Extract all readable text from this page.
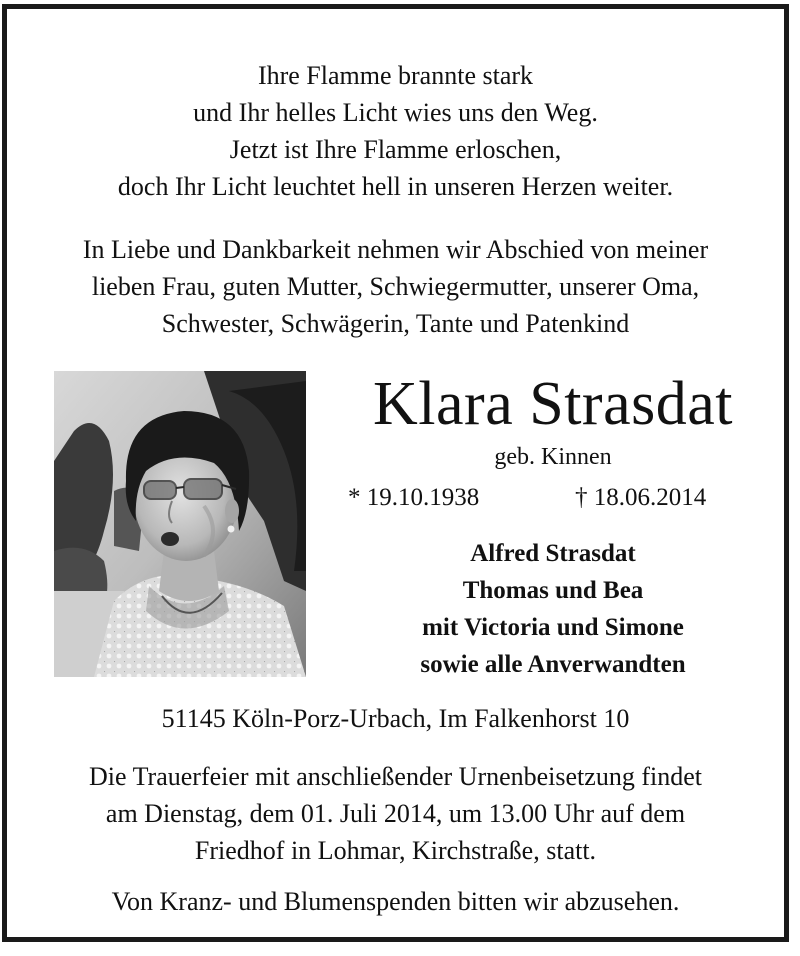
Ihre Flamme brannte stark
und Ihr helles Licht wies uns den Weg.
Jetzt ist Ihre Flamme erloschen,
doch Ihr Licht leuchtet hell in unseren Herzen weiter.
In Liebe und Dankbarkeit nehmen wir Abschied von meiner
lieben Frau, guten Mutter, Schwiegermutter, unserer Oma,
Schwester, Schwägerin, Tante und Patenkind
Klara Strasdat
geb. Kinnen
* 19.10.1938	† 18.06.2014
Alfred Strasdat
Thomas und Bea
mit Victoria und Simone
sowie alle Anverwandten
51145 Köln-Porz-Urbach, Im Falkenhorst 10
Die Trauerfeier mit anschließender Urnenbeisetzung findet
am Dienstag, dem 01. Juli 2014, um 13.00 Uhr auf dem
Friedhof in Lohmar, Kirchstraße, statt.
Von Kranz- und Blumenspenden bitten wir abzusehen.
